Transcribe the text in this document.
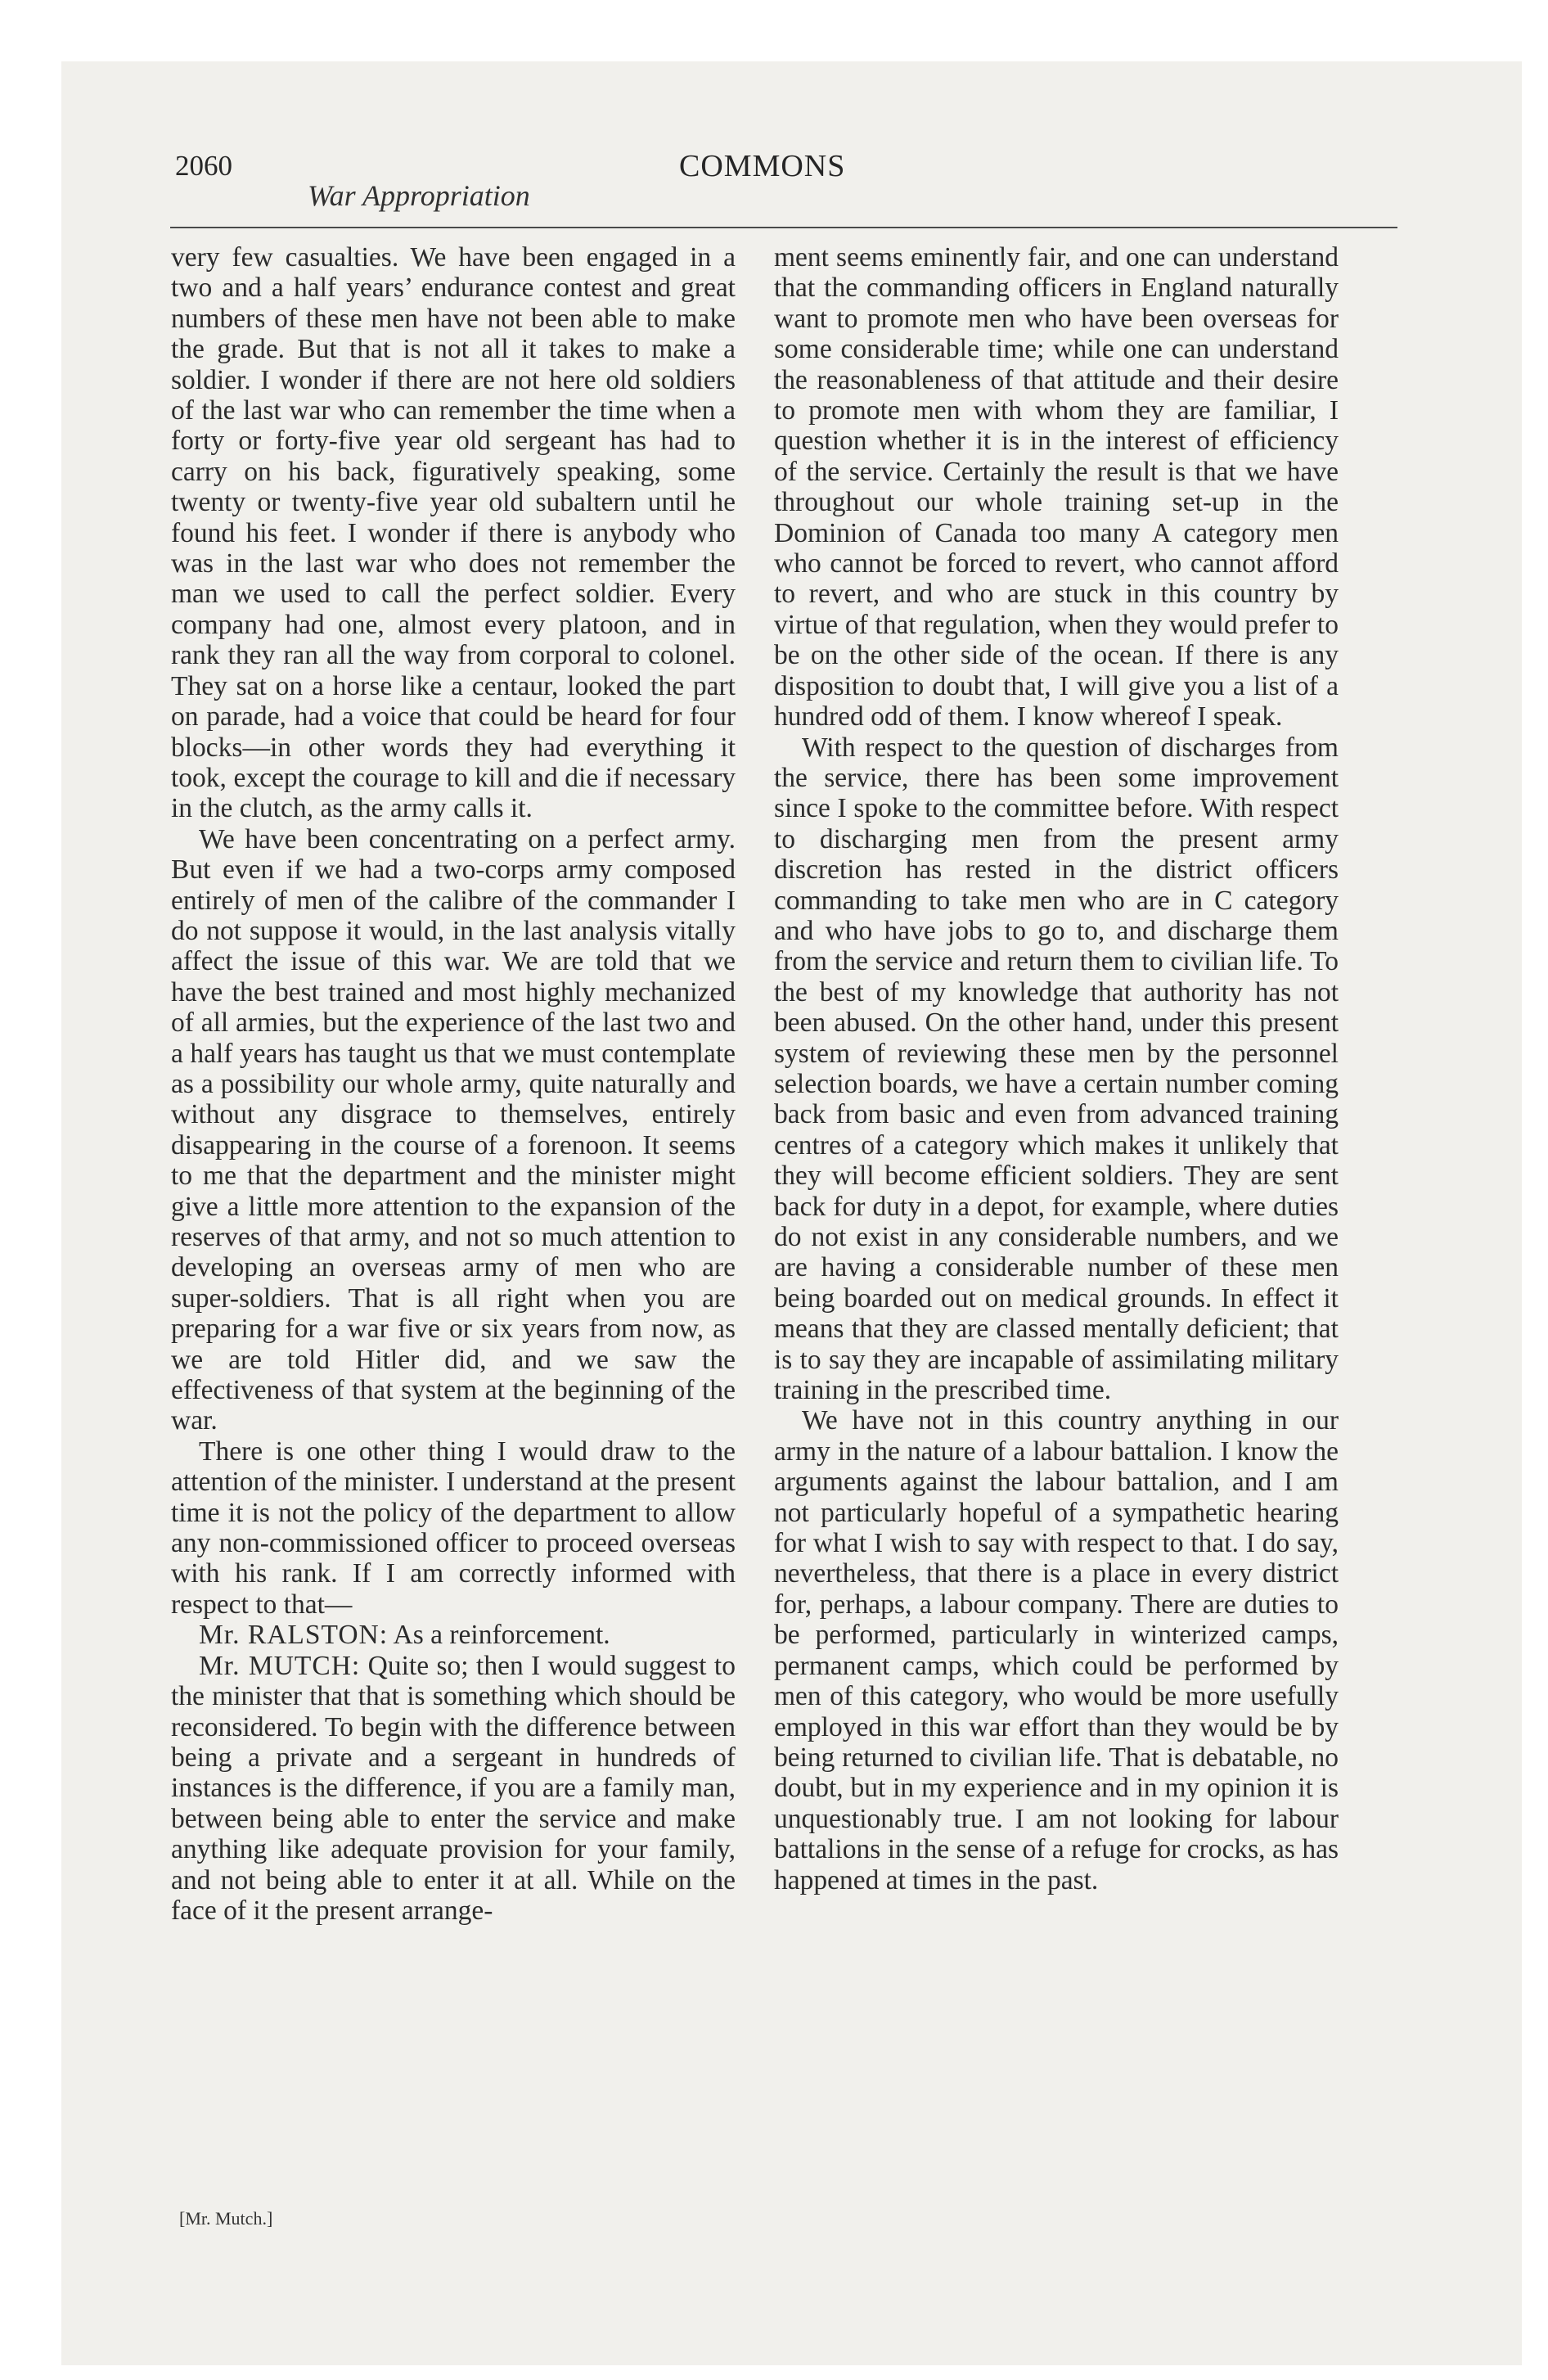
2060
War Appropriation
COMMONS

very few casualties. We have been engaged in a two and a half years’ endurance contest and great numbers of these men have not been able to make the grade. But that is not all it takes to make a soldier. I wonder if there are not here old soldiers of the last war who can remember the time when a forty or forty-five year old sergeant has had to carry on his back, figuratively speaking, some twenty or twenty-five year old subaltern until he found his feet. I wonder if there is anybody who was in the last war who does not remember the man we used to call the perfect soldier. Every company had one, almost every platoon, and in rank they ran all the way from corporal to colonel. They sat on a horse like a centaur, looked the part on parade, had a voice that could be heard for four blocks—in other words they had everything it took, except the courage to kill and die if necessary in the clutch, as the army calls it.

We have been concentrating on a perfect army. But even if we had a two-corps army composed entirely of men of the calibre of the commander I do not suppose it would, in the last analysis vitally affect the issue of this war. We are told that we have the best trained and most highly mechanized of all armies, but the experience of the last two and a half years has taught us that we must contemplate as a possibility our whole army, quite naturally and without any disgrace to themselves, entirely disappearing in the course of a forenoon. It seems to me that the department and the minister might give a little more attention to the expansion of the reserves of that army, and not so much attention to developing an overseas army of men who are super-soldiers. That is all right when you are preparing for a war five or six years from now, as we are told Hitler did, and we saw the effectiveness of that system at the beginning of the war.

There is one other thing I would draw to the attention of the minister. I understand at the present time it is not the policy of the department to allow any non-commissioned officer to proceed overseas with his rank. If I am correctly informed with respect to that—

Mr. RALSTON: As a reinforcement.

Mr. MUTCH: Quite so; then I would suggest to the minister that that is something which should be reconsidered. To begin with the difference between being a private and a sergeant in hundreds of instances is the difference, if you are a family man, between being able to enter the service and make anything like adequate provision for your family, and not being able to enter it at all. While on the face of it the present arrange-

ment seems eminently fair, and one can understand that the commanding officers in England naturally want to promote men who have been overseas for some considerable time; while one can understand the reasonableness of that attitude and their desire to promote men with whom they are familiar, I question whether it is in the interest of efficiency of the service. Certainly the result is that we have throughout our whole training set-up in the Dominion of Canada too many A category men who cannot be forced to revert, who cannot afford to revert, and who are stuck in this country by virtue of that regulation, when they would prefer to be on the other side of the ocean. If there is any disposition to doubt that, I will give you a list of a hundred odd of them. I know whereof I speak.

With respect to the question of discharges from the service, there has been some improvement since I spoke to the committee before. With respect to discharging men from the present army discretion has rested in the district officers commanding to take men who are in C category and who have jobs to go to, and discharge them from the service and return them to civilian life. To the best of my knowledge that authority has not been abused. On the other hand, under this present system of reviewing these men by the personnel selection boards, we have a certain number coming back from basic and even from advanced training centres of a category which makes it unlikely that they will become efficient soldiers. They are sent back for duty in a depot, for example, where duties do not exist in any considerable numbers, and we are having a considerable number of these men being boarded out on medical grounds. In effect it means that they are classed mentally deficient; that is to say they are incapable of assimilating military training in the prescribed time.

We have not in this country anything in our army in the nature of a labour battalion. I know the arguments against the labour battalion, and I am not particularly hopeful of a sympathetic hearing for what I wish to say with respect to that. I do say, nevertheless, that there is a place in every district for, perhaps, a labour company. There are duties to be performed, particularly in winterized camps, permanent camps, which could be performed by men of this category, who would be more usefully employed in this war effort than they would be by being returned to civilian life. That is debatable, no doubt, but in my experience and in my opinion it is unquestionably true. I am not looking for labour battalions in the sense of a refuge for crocks, as has happened at times in the past.

[Mr. Mutch.]
